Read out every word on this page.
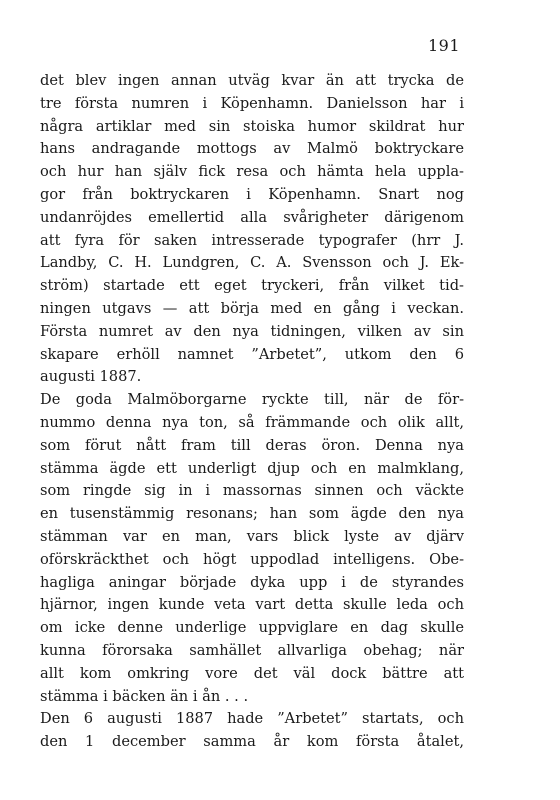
191
det blev ingen annan utväg kvar än att trycka de
tre första numren i Köpenhamn. Danielsson har i
några artiklar med sin stoiska humor skildrat hur
hans andragande mottogs av Malmö boktryckare
och hur han själv fick resa och hämta hela uppla-
gor från boktryckaren i Köpenhamn. Snart nog
undanröjdes emellertid alla svårigheter därigenom
att fyra för saken intresserade typografer (hrr J.
Landby, C. H. Lundgren, C. A. Svensson och J. Ek-
ström) startade ett eget tryckeri, från vilket tid-
ningen utgavs — att börja med en gång i veckan.
Första numret av den nya tidningen, vilken av sin
skapare erhöll namnet ”Arbetet”, utkom den 6
augusti 1887.
De goda Malmöborgarne ryckte till, när de för-
nummo denna nya ton, så främmande och olik allt,
som förut nått fram till deras öron. Denna nya
stämma ägde ett underligt djup och en malmklang,
som ringde sig in i massornas sinnen och väckte
en tusenstämmig resonans; han som ägde den nya
stämman var en man, vars blick lyste av djärv
oförskräckthet och högt uppodlad intelligens. Obe-
hagliga aningar började dyka upp i de styrandes
hjärnor, ingen kunde veta vart detta skulle leda och
om icke denne underlige uppviglare en dag skulle
kunna förorsaka samhället allvarliga obehag; när
allt kom omkring vore det väl dock bättre att
stämma i bäcken än i ån . . .
Den 6 augusti 1887 hade ”Arbetet” startats, och
den 1 december samma år kom första åtalet,
